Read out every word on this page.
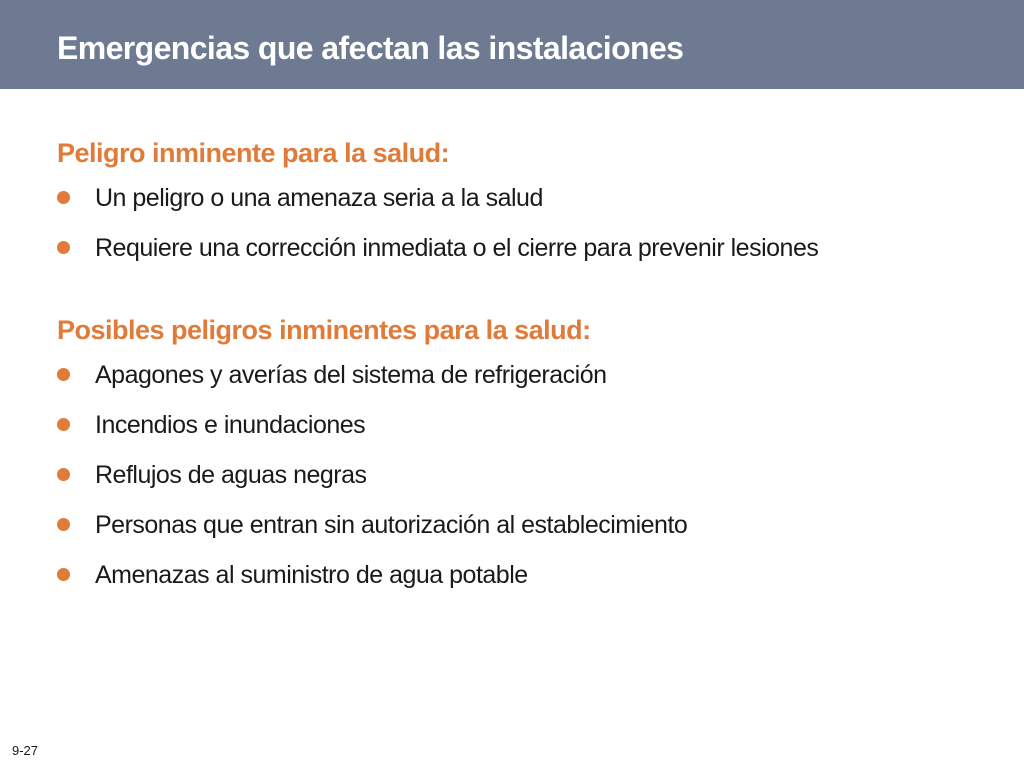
Emergencias que afectan las instalaciones
Peligro inminente para la salud:
Un peligro o una amenaza seria a la salud
Requiere una corrección inmediata o el cierre para prevenir lesiones
Posibles peligros inminentes para la salud:
Apagones y averías del sistema de refrigeración
Incendios e inundaciones
Reflujos de aguas negras
Personas que entran sin autorización al establecimiento
Amenazas al suministro de agua potable
9-27
